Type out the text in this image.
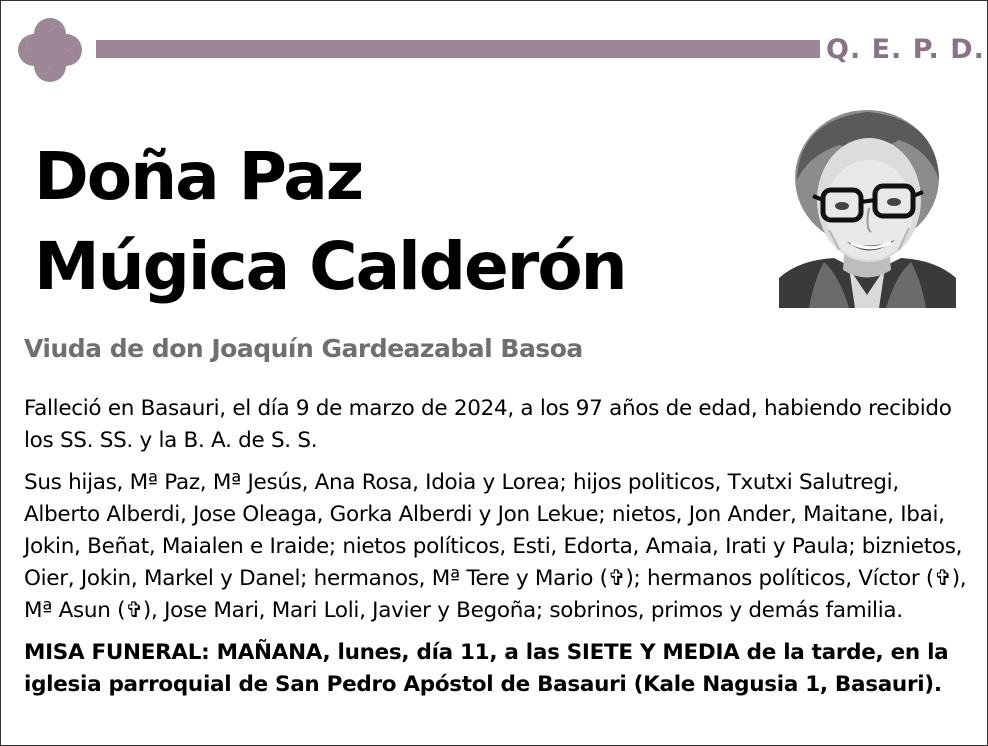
Q. E. P. D.
Doña Paz
Múgica Calderón
Viuda de don Joaquín Gardeazabal Basoa

Falleció en Basauri, el día 9 de marzo de 2024, a los 97 años de edad, habiendo recibido los SS. SS. y la B. A. de S. S.

Sus hijas, Mª Paz, Mª Jesús, Ana Rosa, Idoia y Lorea; hijos politicos, Txutxi Salutregi, Alberto Alberdi, Jose Oleaga, Gorka Alberdi y Jon Lekue; nietos, Jon Ander, Maitane, Ibai, Jokin, Beñat, Maialen e Iraide; nietos políticos, Esti, Edorta, Amaia, Irati y Paula; biznietos, Oier, Jokin, Markel y Danel; hermanos, Mª Tere y Mario (✞); hermanos políticos, Víctor (✞), Mª Asun (✞), Jose Mari, Mari Loli, Javier y Begoña; sobrinos, primos y demás familia.

MISA FUNERAL: MAÑANA, lunes, día 11, a las SIETE Y MEDIA de la tarde, en la iglesia parroquial de San Pedro Apóstol de Basauri (Kale Nagusia 1, Basauri).
